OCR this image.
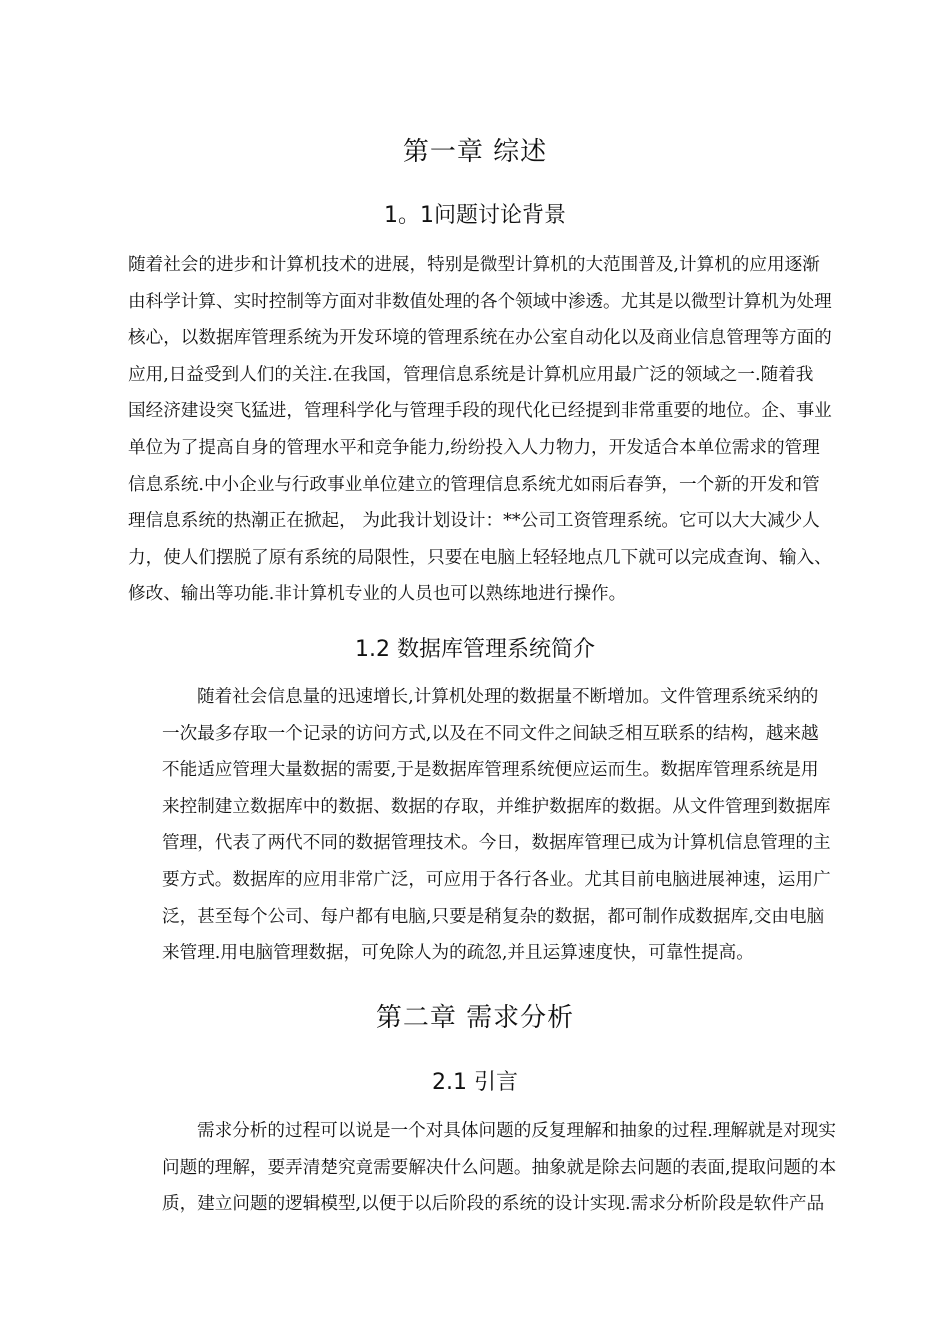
第一章 综述
1。1问题讨论背景
随着社会的进步和计算机技术的进展，特别是微型计算机的大范围普及,计算机的应用逐渐
由科学计算、实时控制等方面对非数值处理的各个领域中渗透。尤其是以微型计算机为处理
核心，以数据库管理系统为开发环境的管理系统在办公室自动化以及商业信息管理等方面的
应用,日益受到人们的关注.在我国，管理信息系统是计算机应用最广泛的领域之一.随着我
国经济建设突飞猛进，管理科学化与管理手段的现代化已经提到非常重要的地位。企、事业
单位为了提高自身的管理水平和竞争能力,纷纷投入人力物力，开发适合本单位需求的管理
信息系统.中小企业与行政事业单位建立的管理信息系统尤如雨后春笋，一个新的开发和管
理信息系统的热潮正在掀起， 为此我计划设计：**公司工资管理系统。它可以大大减少人
力，使人们摆脱了原有系统的局限性，只要在电脑上轻轻地点几下就可以完成查询、输入、
修改、输出等功能.非计算机专业的人员也可以熟练地进行操作。
1.2 数据库管理系统简介
随着社会信息量的迅速增长,计算机处理的数据量不断增加。文件管理系统采纳的
一次最多存取一个记录的访问方式,以及在不同文件之间缺乏相互联系的结构，越来越
不能适应管理大量数据的需要,于是数据库管理系统便应运而生。数据库管理系统是用
来控制建立数据库中的数据、数据的存取，并维护数据库的数据。从文件管理到数据库
管理，代表了两代不同的数据管理技术。今日，数据库管理已成为计算机信息管理的主
要方式。数据库的应用非常广泛，可应用于各行各业。尤其目前电脑进展神速，运用广
泛，甚至每个公司、每户都有电脑,只要是稍复杂的数据，都可制作成数据库,交由电脑
来管理.用电脑管理数据，可免除人为的疏忽,并且运算速度快，可靠性提高。
第二章 需求分析
2.1 引言
需求分析的过程可以说是一个对具体问题的反复理解和抽象的过程.理解就是对现实
问题的理解，要弄清楚究竟需要解决什么问题。抽象就是除去问题的表面,提取问题的本
质，建立问题的逻辑模型,以便于以后阶段的系统的设计实现.需求分析阶段是软件产品
